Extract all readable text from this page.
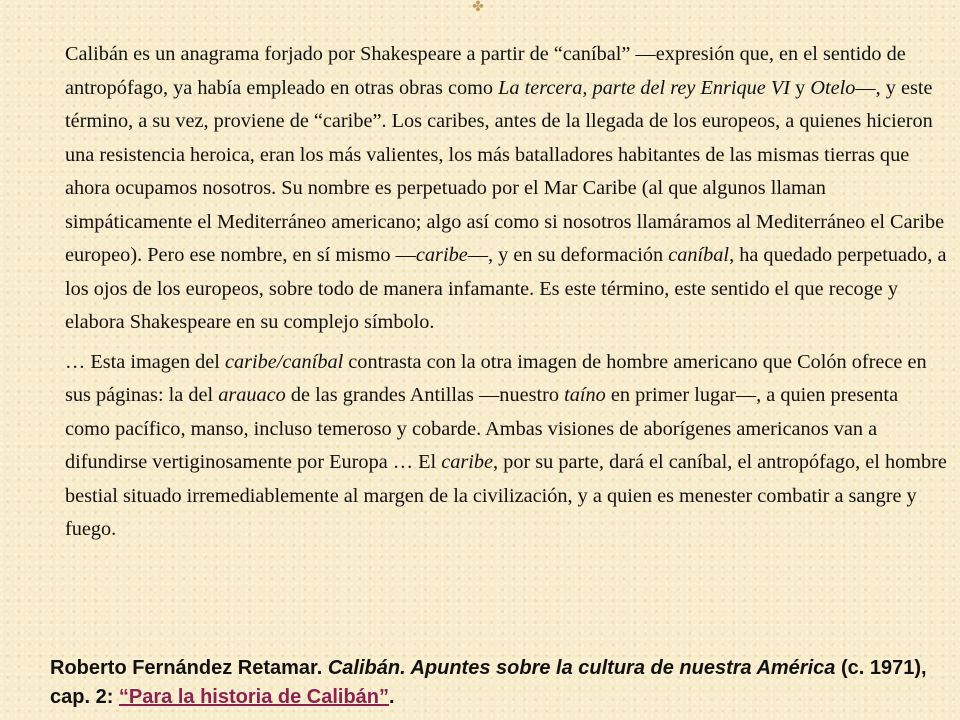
✤

Calibán es un anagrama forjado por Shakespeare a partir de “caníbal” —expresión que, en el sentido de antropófago, ya había empleado en otras obras como La tercera, parte del rey Enrique VI y Otelo—, y este término, a su vez, proviene de “caribe”. Los caribes, antes de la llegada de los europeos, a quienes hicieron una resistencia heroica, eran los más valientes, los más batalladores habitantes de las mismas tierras que ahora ocupamos nosotros. Su nombre es perpetuado por el Mar Caribe (al que algunos llaman simpáticamente el Mediterráneo americano; algo así como si nosotros llamáramos al Mediterráneo el Caribe europeo). Pero ese nombre, en sí mismo —caribe—, y en su deformación caníbal, ha quedado perpetuado, a los ojos de los europeos, sobre todo de manera infamante. Es este término, este sentido el que recoge y elabora Shakespeare en su complejo símbolo.

… Esta imagen del caribe/caníbal contrasta con la otra imagen de hombre americano que Colón ofrece en sus páginas: la del arauaco de las grandes Antillas —nuestro taíno en primer lugar—, a quien presenta como pacífico, manso, incluso temeroso y cobarde. Ambas visiones de aborígenes americanos van a difundirse vertiginosamente por Europa … El caribe, por su parte, dará el caníbal, el antropófago, el hombre bestial situado irremediablemente al margen de la civilización, y a quien es menester combatir a sangre y fuego.

Roberto Fernández Retamar. Calibán. Apuntes sobre la cultura de nuestra América (c. 1971), cap. 2: “Para la historia de Calibán”.
